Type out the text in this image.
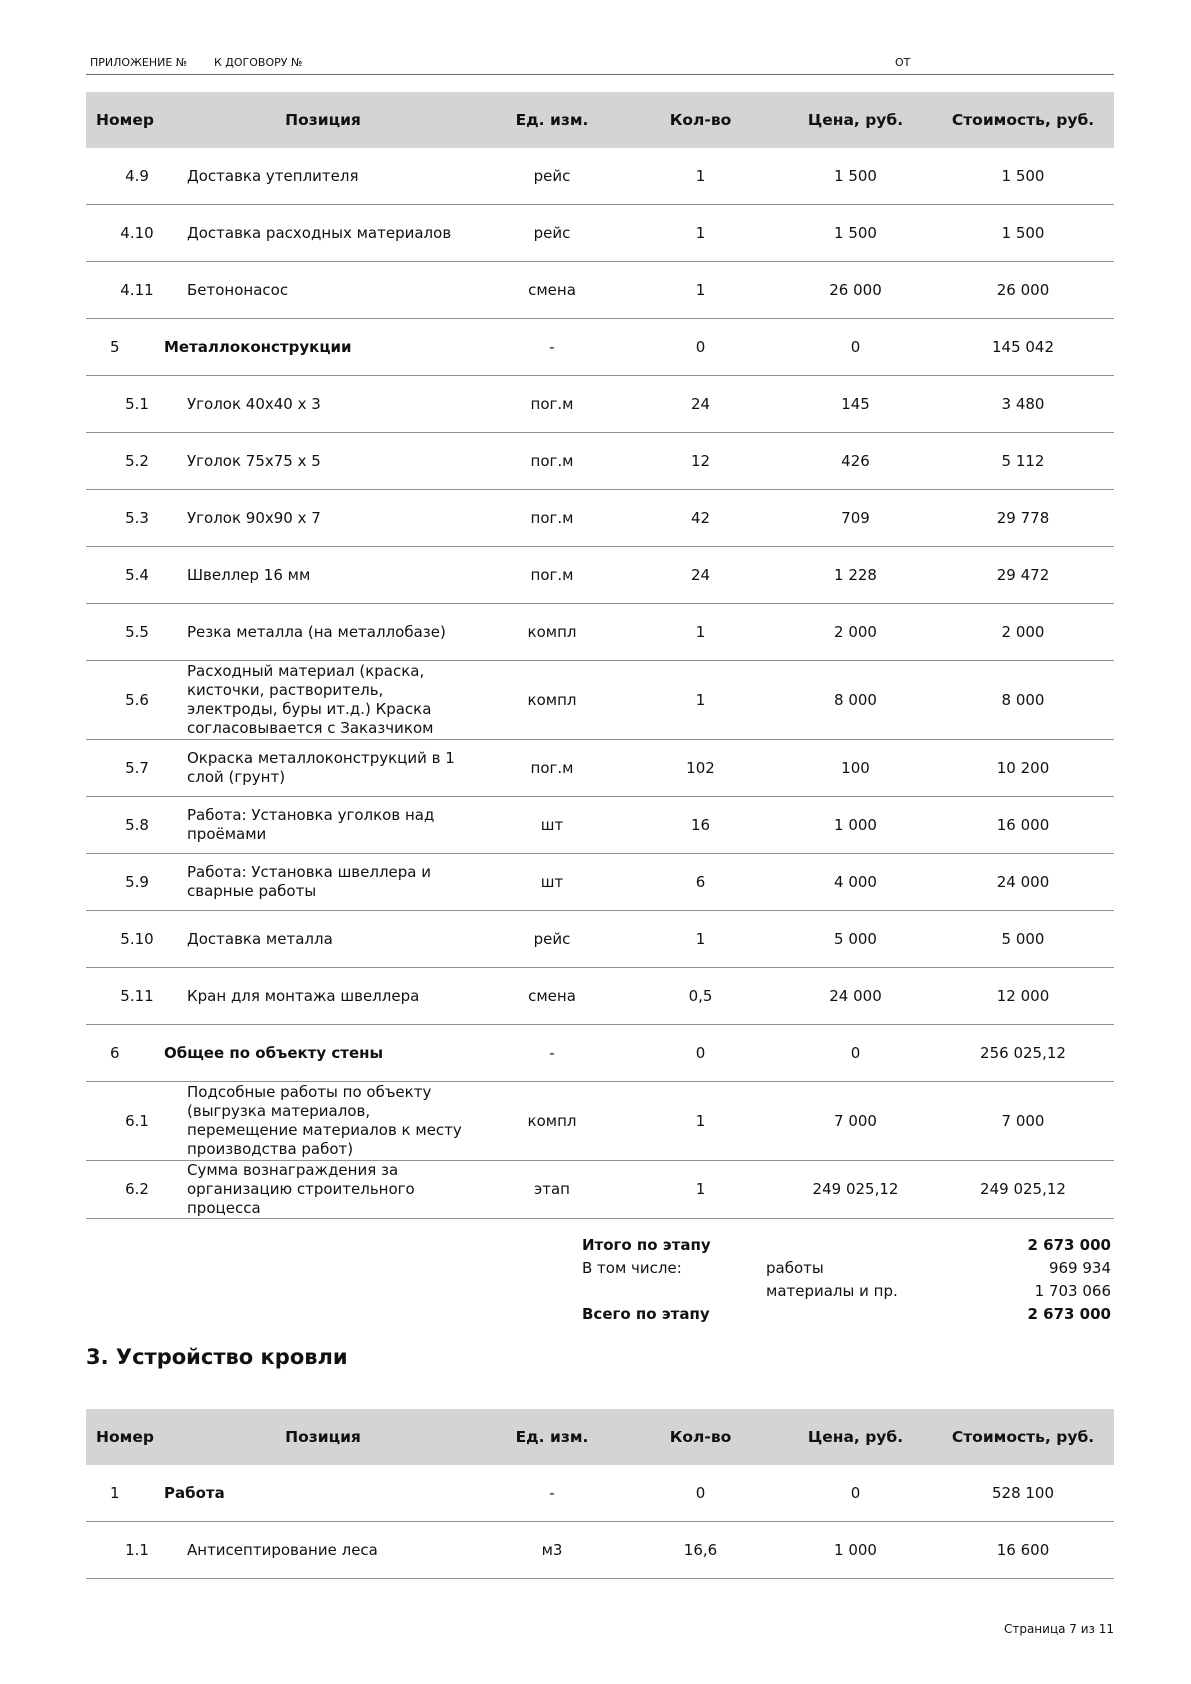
ПРИЛОЖЕНИЕ № К ДОГОВОРУ №	ОТ
Номер	Позиция	Ед. изм.	Кол-во	Цена, руб.	Стоимость, руб.
4.9	Доставка утеплителя	рейс	1	1 500	1 500
4.10	Доставка расходных материалов	рейс	1	1 500	1 500
4.11	Бетононасос	смена	1	26 000	26 000
5	Металлоконструкции	-	0	0	145 042
5.1	Уголок 40х40 х 3	пог.м	24	145	3 480
5.2	Уголок 75х75 х 5	пог.м	12	426	5 112
5.3	Уголок 90х90 х 7	пог.м	42	709	29 778
5.4	Швеллер 16 мм	пог.м	24	1 228	29 472
5.5	Резка металла (на металлобазе)	компл	1	2 000	2 000
5.6	Расходный материал (краска, кисточки, растворитель, электроды, буры ит.д.) Краска согласовывается с Заказчиком	компл	1	8 000	8 000
5.7	Окраска металлоконструкций в 1 слой (грунт)	пог.м	102	100	10 200
5.8	Работа: Установка уголков над проёмами	шт	16	1 000	16 000
5.9	Работа: Установка швеллера и сварные работы	шт	6	4 000	24 000
5.10	Доставка металла	рейс	1	5 000	5 000
5.11	Кран для монтажа швеллера	смена	0,5	24 000	12 000
6	Общее по объекту стены	-	0	0	256 025,12
6.1	Подсобные работы по объекту (выгрузка материалов, перемещение материалов к месту производства работ)	компл	1	7 000	7 000
6.2	Сумма вознаграждения за организацию строительного процесса	этап	1	249 025,12	249 025,12
Итого по этапу	2 673 000
В том числе:	работы	969 934
материалы и пр.	1 703 066
Всего по этапу	2 673 000
3. Устройство кровли
Номер	Позиция	Ед. изм.	Кол-во	Цена, руб.	Стоимость, руб.
1	Работа	-	0	0	528 100
1.1	Антисептирование леса	м3	16,6	1 000	16 600
Страница 7 из 11
